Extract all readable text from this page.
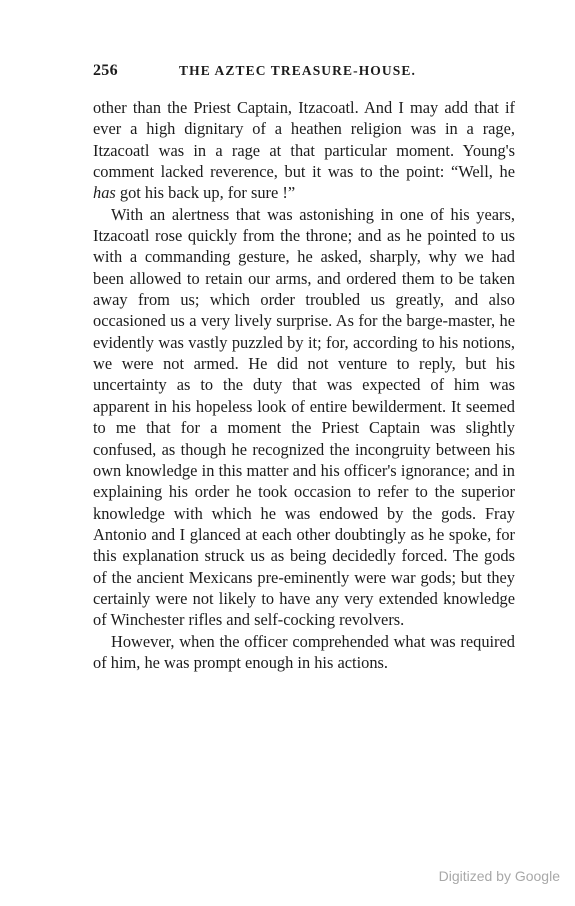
256	THE AZTEC TREASURE-HOUSE.

other than the Priest Captain, Itzacoatl. And I may add that if ever a high dignitary of a heathen religion was in a rage, Itzacoatl was in a rage at that particular moment. Young's comment lacked reverence, but it was to the point: “Well, he has got his back up, for sure !”

With an alertness that was astonishing in one of his years, Itzacoatl rose quickly from the throne; and as he pointed to us with a commanding gesture, he asked, sharply, why we had been allowed to retain our arms, and ordered them to be taken away from us; which order troubled us greatly, and also occasioned us a very lively surprise. As for the barge-master, he evidently was vastly puzzled by it; for, according to his notions, we were not armed. He did not venture to reply, but his uncertainty as to the duty that was expected of him was apparent in his hopeless look of entire bewilderment. It seemed to me that for a moment the Priest Captain was slightly confused, as though he recognized the incongruity between his own knowledge in this matter and his officer's ignorance; and in explaining his order he took occasion to refer to the superior knowledge with which he was endowed by the gods. Fray Antonio and I glanced at each other doubtingly as he spoke, for this explanation struck us as being decidedly forced. The gods of the ancient Mexicans pre-eminently were war gods; but they certainly were not likely to have any very extended knowledge of Winchester rifles and self-cocking revolvers.

However, when the officer comprehended what was required of him, he was prompt enough in his actions.

Digitized by Google
